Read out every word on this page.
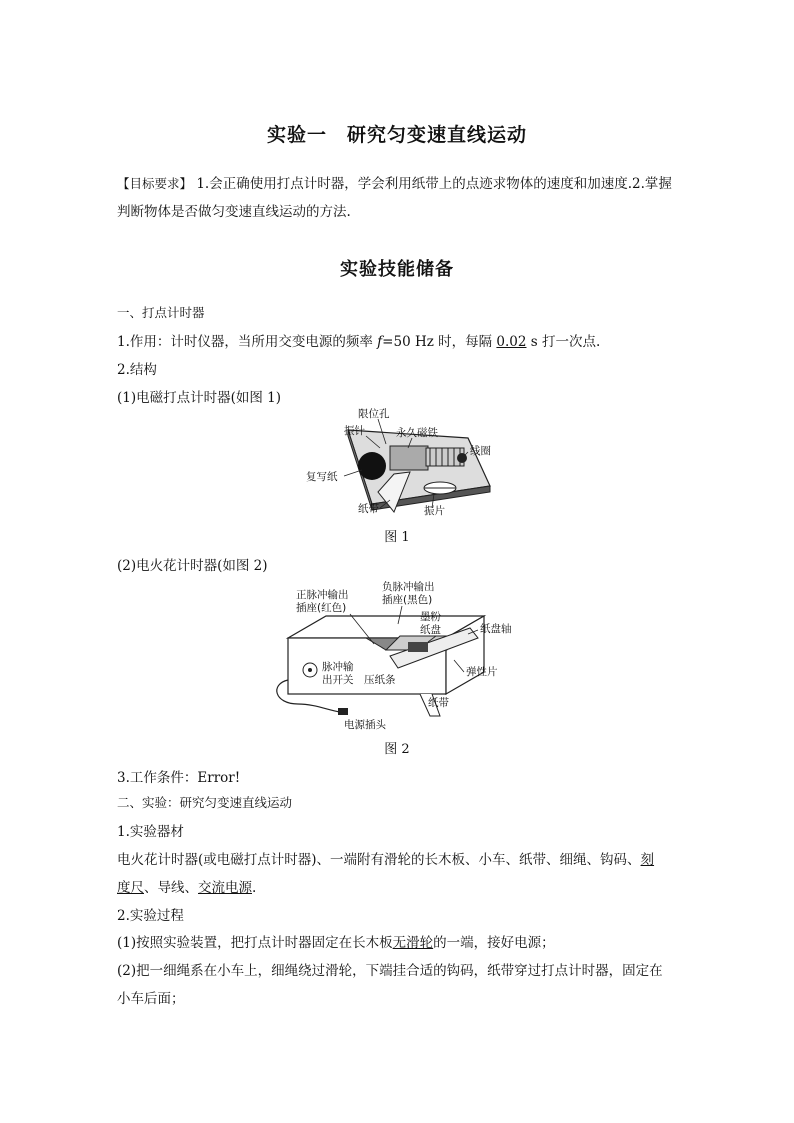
实验一　研究匀变速直线运动
【目标要求】 1.会正确使用打点计时器，学会利用纸带上的点迹求物体的速度和加速度.2.掌握
判断物体是否做匀变速直线运动的方法.
实验技能储备
一、打点计时器
1.作用：计时仪器，当所用交变电源的频率 f=50 Hz 时，每隔 0.02 s 打一次点.
2.结构
(1)电磁打点计时器(如图 1)
限位孔
振针	永久磁铁
线圈
复写纸
纸带	振片
图 1
(2)电火花计时器(如图 2)
正脉冲输出
插座(红色)
负脉冲输出
插座(黑色)
墨粉
纸盘	纸盘轴
脉冲输
出开关 压纸条
弹性片
纸带
电源插头
图 2
3.工作条件：Error!
二、实验：研究匀变速直线运动
1.实验器材
电火花计时器(或电磁打点计时器)、一端附有滑轮的长木板、小车、纸带、细绳、钩码、刻
度尺、导线、交流电源.
2.实验过程
(1)按照实验装置，把打点计时器固定在长木板无滑轮的一端，接好电源；
(2)把一细绳系在小车上，细绳绕过滑轮，下端挂合适的钩码，纸带穿过打点计时器，固定在
小车后面；
